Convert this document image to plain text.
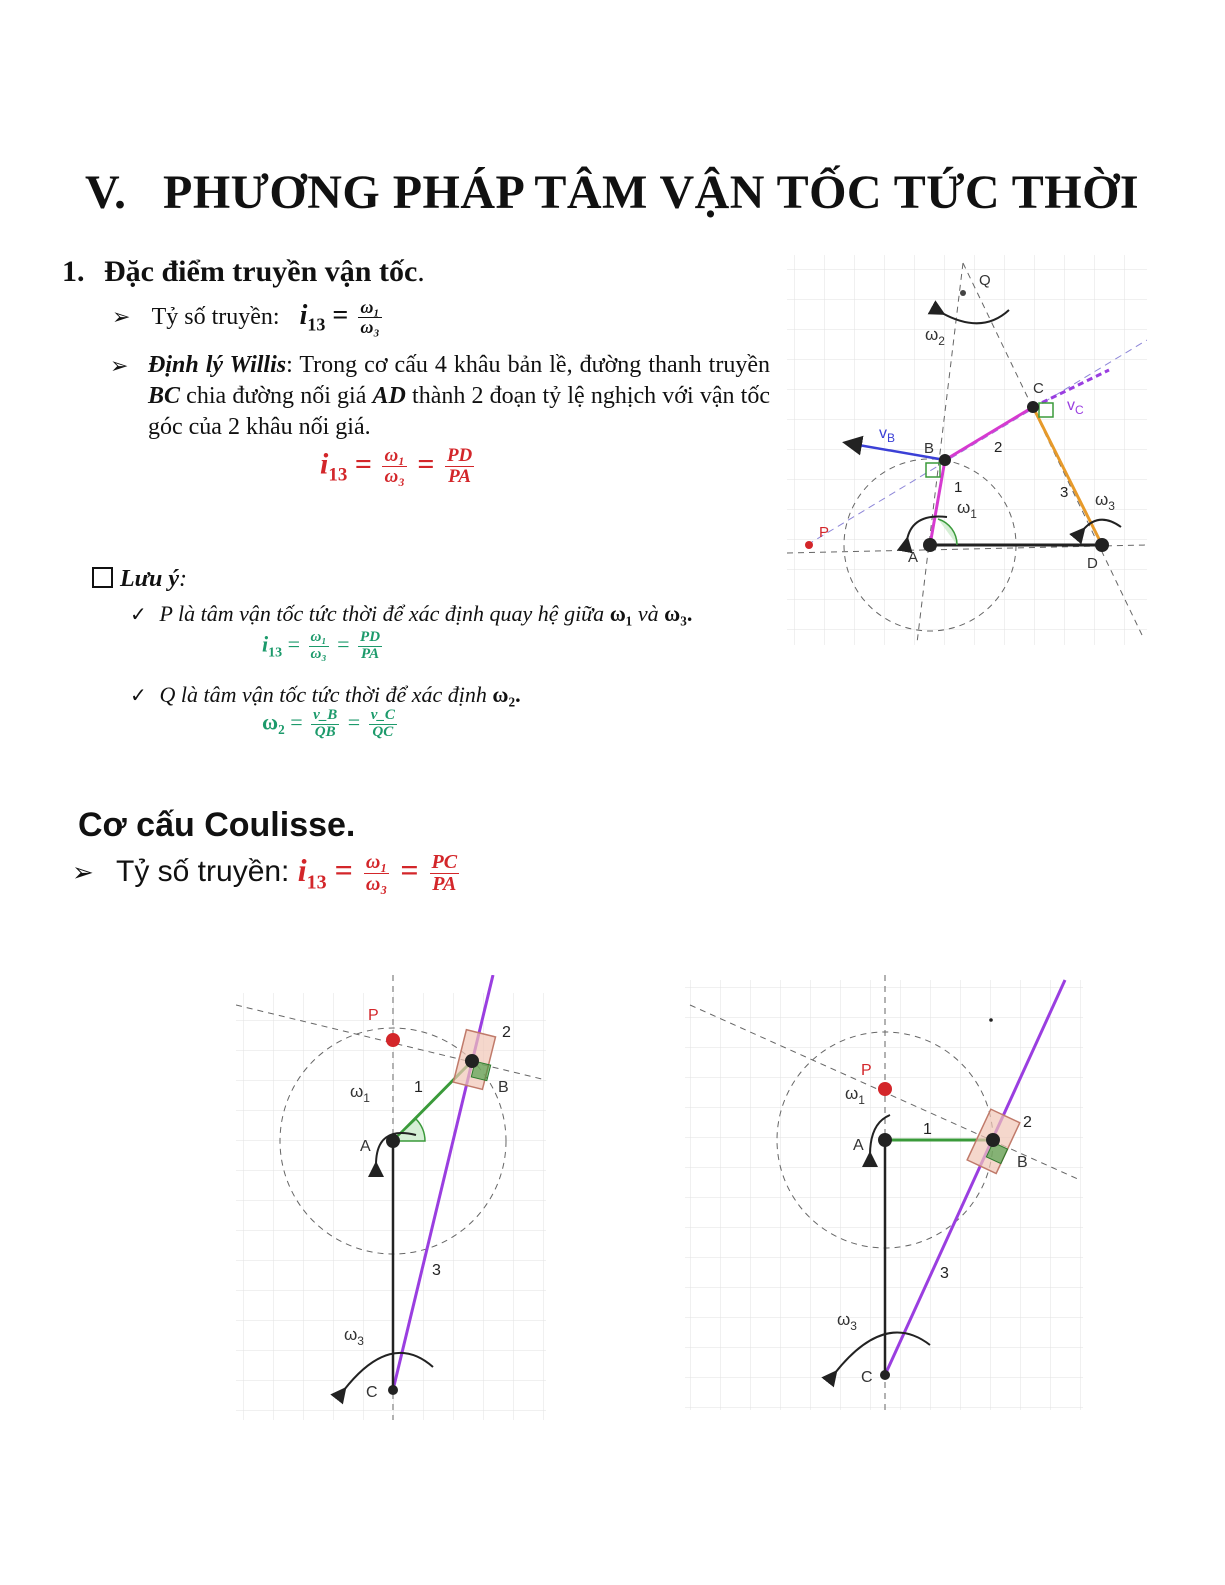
V. PHƯƠNG PHÁP TÂM VẬN TỐC TỨC THỜI
1. Đặc điểm truyền vận tốc.
➢ Tỷ số truyền: $i_{13} = \frac{\text{ω₁}}{\text{ω₃}}$
➢ Định lý Willis: Trong cơ cấu 4 khâu bản lề, đường thanh truyền BC chia đường nối giá AD thành 2 đoạn tỷ lệ nghịch với vận tốc góc của 2 khâu nối giá.
$i_{13} = \frac{\text{ω₁}}{\text{ω₃}} = \frac{PD}{PA}$
Lưu ý:
✓ P là tâm vận tốc tức thời để xác định quay hệ giữa ω₁ và ω₃.
$i_{13} = \frac{\text{ω₁}}{\text{ω₃}} = \frac{PD}{PA}$
✓ Q là tâm vận tốc tức thời để xác định ω₂.
$\omega_2 = \frac{v\_B}{QB} = \frac{v\_C}{QC}$
Cơ cấu Coulisse.
➢ Tỷ số truyền: $i_{13} = \frac{\text{ω₁}}{\text{ω₃}} = \frac{PC}{PA}$
Q
P
A	D
B
C
1
2
3
$\omega_2$
$\omega_1$
$\omega_3$
$v_B$
$v_C$
P
A
B
C
1
2
3
$\omega_1$
$\omega_3$
P
A
B
C
1	2
3
$\omega_1$
$\omega_3$
